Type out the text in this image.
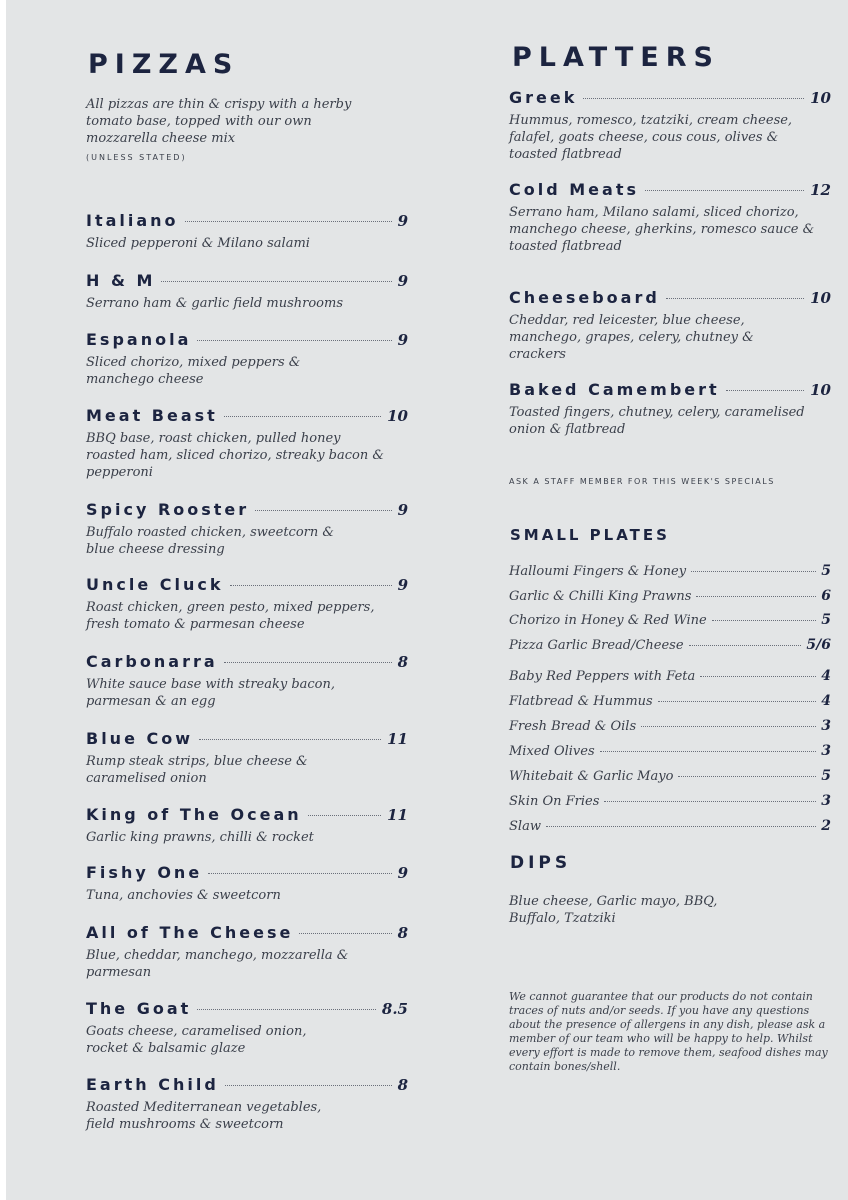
PIZZAS
All pizzas are thin & crispy with a herby tomato base, topped with our own mozzarella cheese mix
(UNLESS STATED)
Italiano	9
Sliced pepperoni & Milano salami
H & M	9
Serrano ham & garlic field mushrooms
Espanola	9
Sliced chorizo, mixed peppers & manchego cheese
Meat Beast	10
BBQ base, roast chicken, pulled honey roasted ham, sliced chorizo, streaky bacon & pepperoni
Spicy Rooster	9
Buffalo roasted chicken, sweetcorn & blue cheese dressing
Uncle Cluck	9
Roast chicken, green pesto, mixed peppers, fresh tomato & parmesan cheese
Carbonarra	8
White sauce base with streaky bacon, parmesan & an egg
Blue Cow	11
Rump steak strips, blue cheese & caramelised onion
King of The Ocean	11
Garlic king prawns, chilli & rocket
Fishy One	9
Tuna, anchovies & sweetcorn
All of The Cheese	8
Blue, cheddar, manchego, mozzarella & parmesan
The Goat	8.5
Goats cheese, caramelised onion, rocket & balsamic glaze
Earth Child	8
Roasted Mediterranean vegetables, field mushrooms & sweetcorn
PLATTERS
Greek	10
Hummus, romesco, tzatziki, cream cheese, falafel, goats cheese, cous cous, olives & toasted flatbread
Cold Meats	12
Serrano ham, Milano salami, sliced chorizo, manchego cheese, gherkins, romesco sauce & toasted flatbread
Cheeseboard	10
Cheddar, red leicester, blue cheese, manchego, grapes, celery, chutney & crackers
Baked Camembert	10
Toasted fingers, chutney, celery, caramelised onion & flatbread
ASK A STAFF MEMBER FOR THIS WEEK'S SPECIALS
SMALL PLATES
Halloumi Fingers & Honey	5
Garlic & Chilli King Prawns	6
Chorizo in Honey & Red Wine	5
Pizza Garlic Bread/Cheese	5/6
Baby Red Peppers with Feta	4
Flatbread & Hummus	4
Fresh Bread & Oils	3
Mixed Olives	3
Whitebait & Garlic Mayo	5
Skin On Fries	3
Slaw	2
DIPS
Blue cheese, Garlic mayo, BBQ, Buffalo, Tzatziki
We cannot guarantee that our products do not contain traces of nuts and/or seeds. If you have any questions about the presence of allergens in any dish, please ask a member of our team who will be happy to help. Whilst every effort is made to remove them, seafood dishes may contain bones/shell.
